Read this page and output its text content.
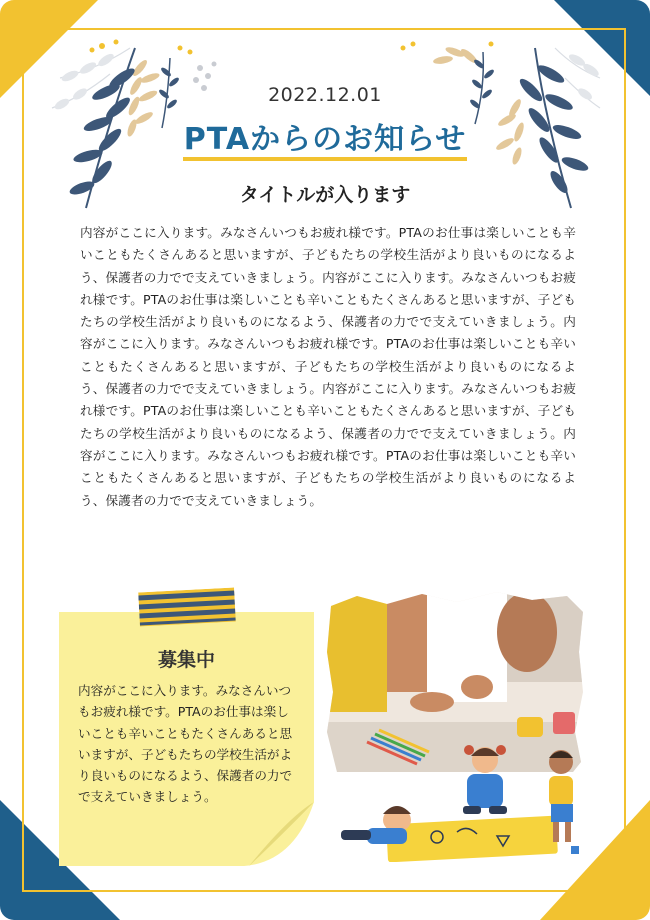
2022.12.01
PTAからのお知らせ
タイトルが入ります
内容がここに入ります。みなさんいつもお疲れ様です。PTAのお仕事は楽しいことも辛いこともたくさんあると思いますが、子どもたちの学校生活がより良いものになるよう、保護者の力でで支えていきましょう。内容がここに入ります。みなさんいつもお疲れ様です。PTAのお仕事は楽しいことも辛いこともたくさんあると思いますが、子どもたちの学校生活がより良いものになるよう、保護者の力でで支えていきましょう。内容がここに入ります。みなさんいつもお疲れ様です。PTAのお仕事は楽しいことも辛いこともたくさんあると思いますが、子どもたちの学校生活がより良いものになるよう、保護者の力でで支えていきましょう。内容がここに入ります。みなさんいつもお疲れ様です。PTAのお仕事は楽しいことも辛いこともたくさんあると思いますが、子どもたちの学校生活がより良いものになるよう、保護者の力でで支えていきましょう。内容がここに入ります。みなさんいつもお疲れ様です。PTAのお仕事は楽しいことも辛いこともたくさんあると思いますが、子どもたちの学校生活がより良いものになるよう、保護者の力でで支えていきましょう。
募集中
内容がここに入ります。みなさんいつもお疲れ様です。PTAのお仕事は楽しいことも辛いこともたくさんあると思いますが、子どもたちの学校生活がより良いものになるよう、保護者の力でで支えていきましょう。
